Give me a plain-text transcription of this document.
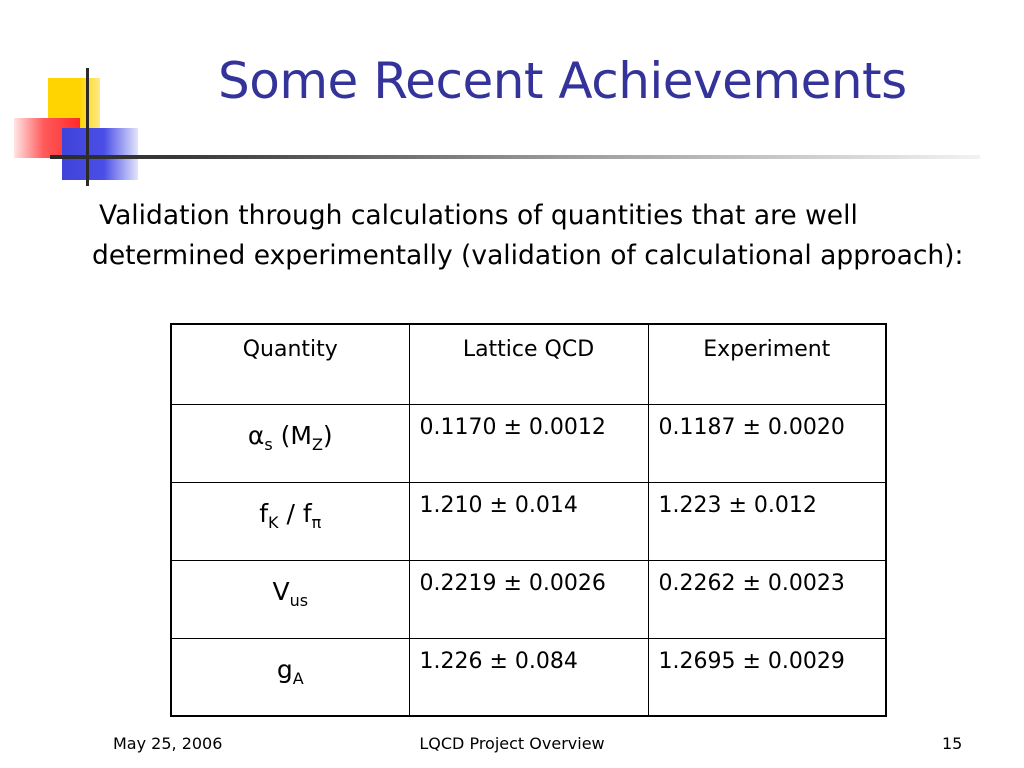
Some Recent Achievements
Validation through calculations of quantities that are well determined experimentally (validation of calculational approach):
Quantity	Lattice QCD	Experiment
$\alpha_s$ $(M_Z)$	0.1170 ± 0.0012	0.1187 ± 0.0020
$f_K / f_\pi$	1.210 ± 0.014	1.223 ± 0.012
$V_{us}$	0.2219 ± 0.0026	0.2262 ± 0.0023
$g_A$	1.226 ± 0.084	1.2695 ± 0.0029
May 25, 2006	LQCD Project Overview	15
